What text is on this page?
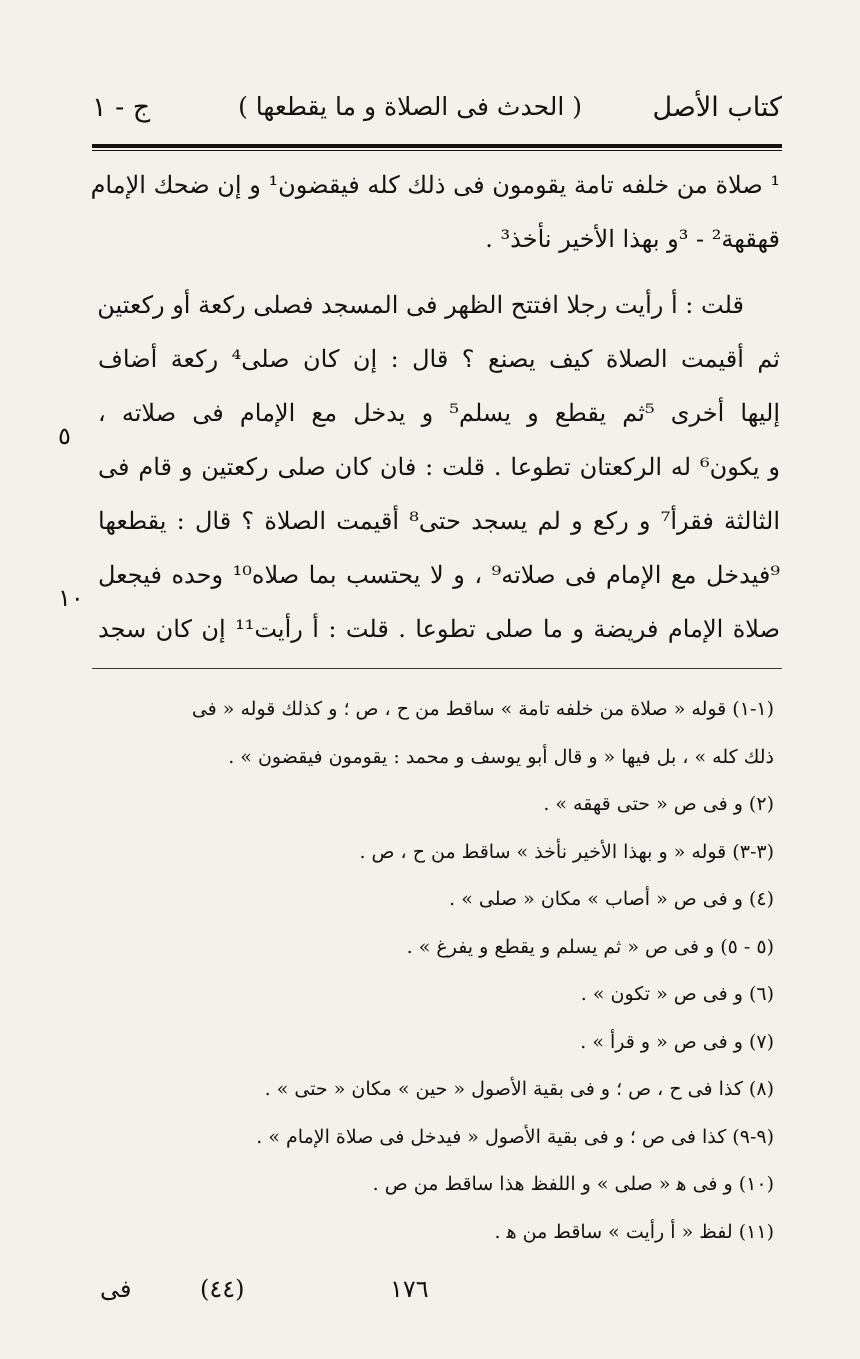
كتاب الأصل
( الحدث فى الصلاة و ما يقطعها )
ج - ١
¹ صلاة من خلفه تامة يقومون فى ذلك كله فيقضون¹ و إن ضحك الإمام
قهقهة² - ³و بهذا الأخير نأخذ³ .
قلت : أ رأيت رجلا افتتح الظهر فى المسجد فصلى ركعة أو ركعتين
ثم أقيمت الصلاة كيف يصنع ؟ قال : إن كان صلى⁴ ركعة أضاف
إليها أخرى ⁵ثم يقطع و يسلم⁵ و يدخل مع الإمام فى صلاته ،
و يكون⁶ له الركعتان تطوعا . قلت : فان كان صلى ركعتين و قام فى
الثالثة فقرأ⁷ و ركع و لم يسجد حتى⁸ أقيمت الصلاة ؟ قال : يقطعها
⁹فيدخل مع الإمام فى صلاته⁹ ، و لا يحتسب بما صلاه¹⁰ وحده فيجعل
صلاة الإمام فريضة و ما صلى تطوعا . قلت : أ رأيت¹¹ إن كان سجد
٥
١٠
(١-١) قوله « صلاة من خلفه تامة » ساقط من ح ، ص ؛ و كذلك قوله « فى
ذلك كله » ، بل فيها « و قال أبو يوسف و محمد : يقومون فيقضون » .
(٢) و فى ص « حتى قهقه » .
(٣-٣) قوله « و بهذا الأخير نأخذ » ساقط من ح ، ص .
(٤) و فى ص « أصاب » مكان « صلى » .
(٥ - ٥) و فى ص « ثم يسلم و يقطع و يفرغ » .
(٦) و فى ص « تكون » .
(٧) و فى ص « و قرأ » .
(٨) كذا فى ح ، ص ؛ و فى بقية الأصول « حين » مكان « حتى » .
(٩-٩) كذا فى ص ؛ و فى بقية الأصول « فيدخل فى صلاة الإمام » .
(١٠) و فى ﻫ « صلى » و اللفظ هذا ساقط من ص .
(١١) لفظ « أ رأيت » ساقط من ﻫ .
فى	(٤٤)	١٧٦
